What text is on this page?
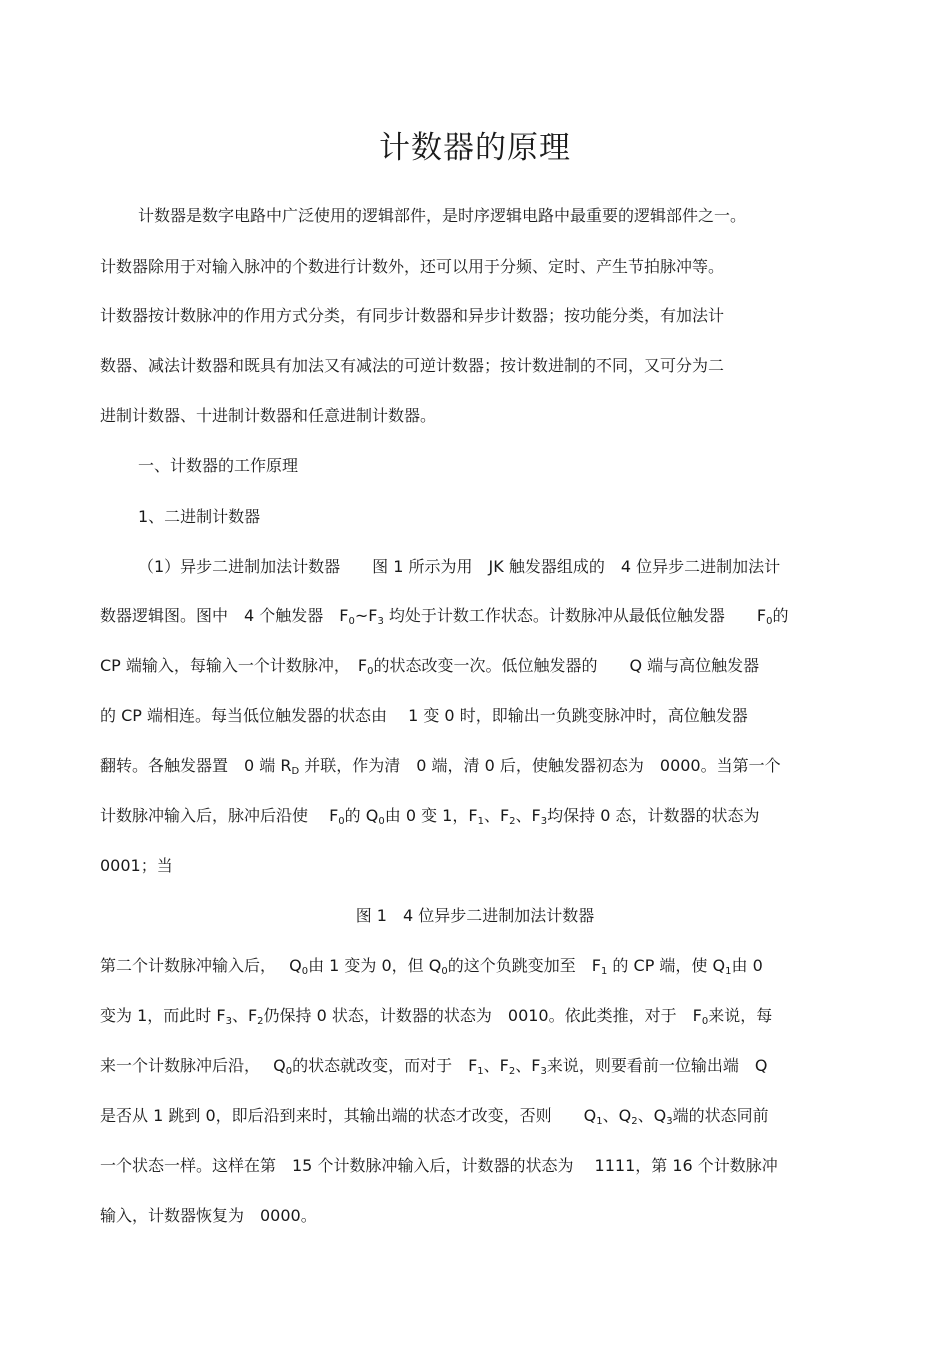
计数器的原理
计数器是数字电路中广泛使用的逻辑部件，是时序逻辑电路中最重要的逻辑部件之一。
计数器除用于对输入脉冲的个数进行计数外，还可以用于分频、定时、产生节拍脉冲等。
计数器按计数脉冲的作用方式分类，有同步计数器和异步计数器；按功能分类，有加法计
数器、减法计数器和既具有加法又有减法的可逆计数器；按计数进制的不同，又可分为二
进制计数器、十进制计数器和任意进制计数器。
一、计数器的工作原理
1、二进制计数器
（1）异步二进制加法计数器　　图 1 所示为用　JK 触发器组成的　4 位异步二进制加法计
数器逻辑图。图中　4 个触发器　$F_0\sim F_3$ 均处于计数工作状态。计数脉冲从最低位触发器　　$F_0$的
CP 端输入，每输入一个计数脉冲，　$F_0$的状态改变一次。低位触发器的　　Q 端与高位触发器
的 CP 端相连。每当低位触发器的状态由　 1 变 0 时，即输出一负跳变脉冲时，高位触发器
翻转。各触发器置　0 端 $R_D$ 并联，作为清　0 端，清 0 后，使触发器初态为　0000。当第一个
计数脉冲输入后，脉冲后沿使　 $F_0$的 $Q_0$由 0 变 1，$F_1$、$F_2$、$F_3$均保持 0 态，计数器的状态为
0001；当
图 1　4 位异步二进制加法计数器
第二个计数脉冲输入后，　 $Q_0$由 1 变为 0，但 $Q_0$的这个负跳变加至　$F_1$ 的 CP 端，使 $Q_1$由 0
变为 1，而此时 $F_3$、$F_2$仍保持 0 状态，计数器的状态为　0010。依此类推，对于　$F_0$来说，每
来一个计数脉冲后沿，　 $Q_0$的状态就改变，而对于　$F_1$、$F_2$、$F_3$来说，则要看前一位输出端　Q
是否从 1 跳到 0，即后沿到来时，其输出端的状态才改变，否则　　$Q_1$、$Q_2$、$Q_3$端的状态同前
一个状态一样。这样在第　15 个计数脉冲输入后，计数器的状态为　 1111，第 16 个计数脉冲
输入，计数器恢复为　0000。
